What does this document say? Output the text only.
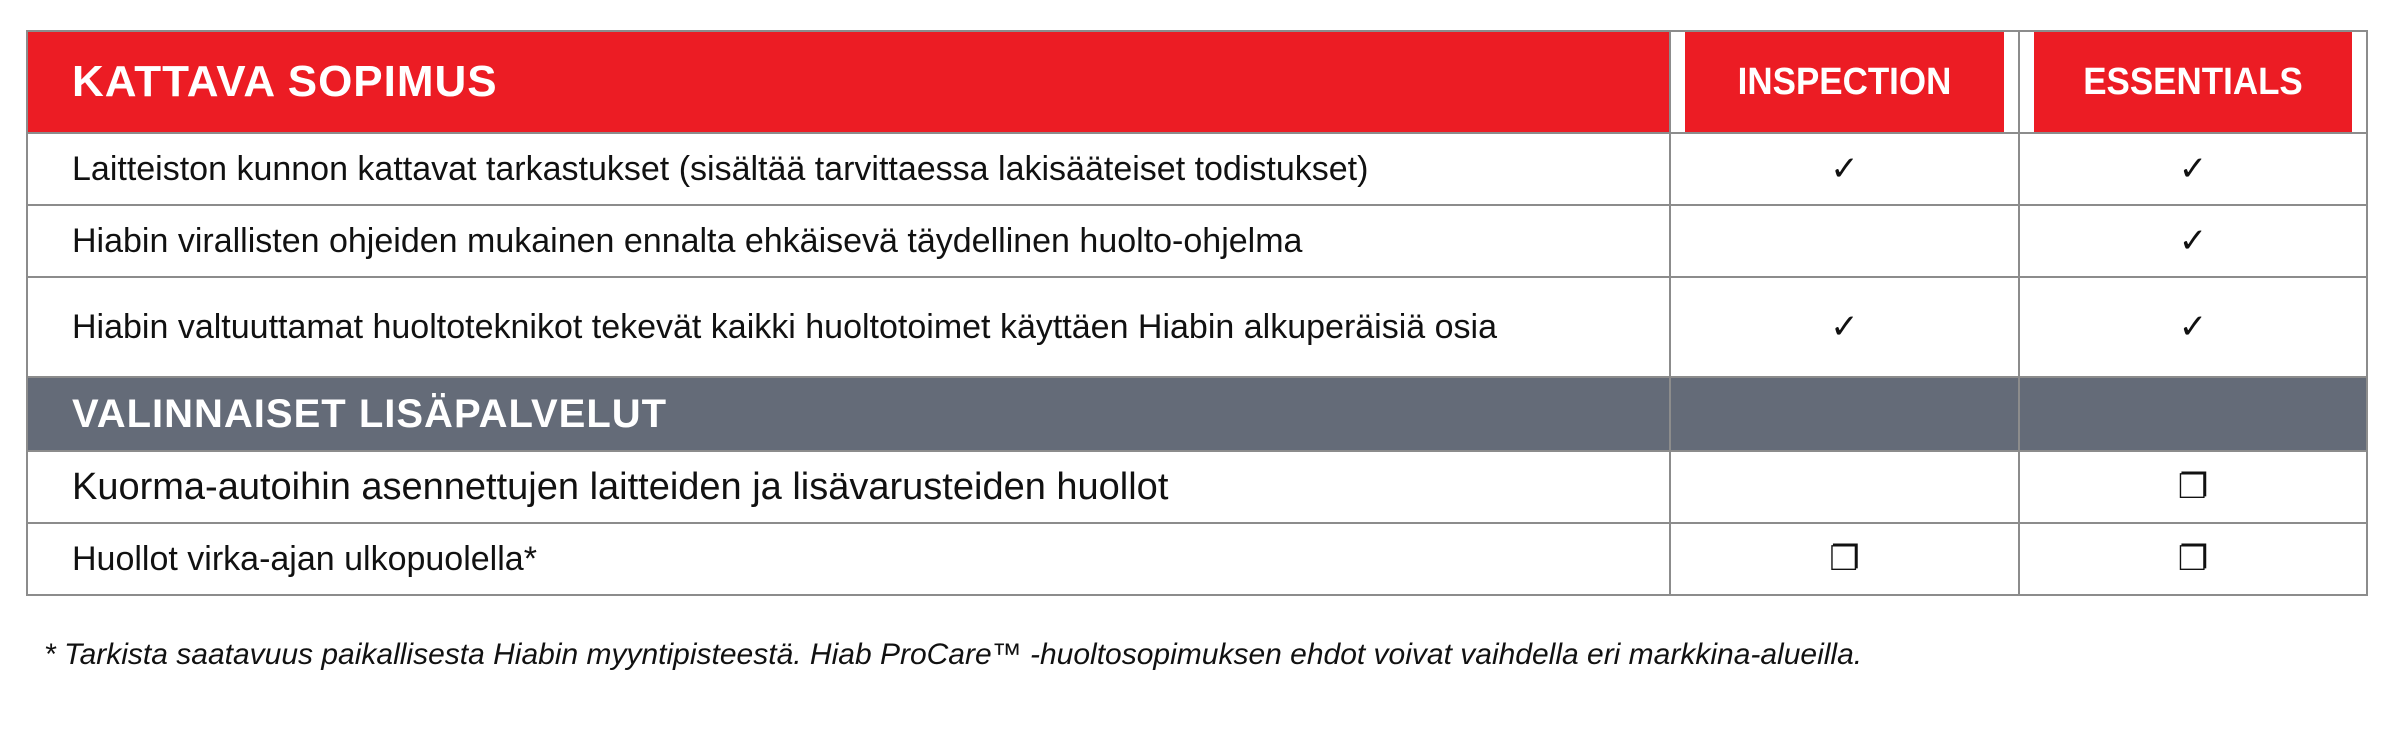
KATTAVA SOPIMUS	INSPECTION	ESSENTIALS
Laitteiston kunnon kattavat tarkastukset (sisältää tarvittaessa lakisääteiset todistukset)	✓	✓
Hiabin virallisten ohjeiden mukainen ennalta ehkäisevä täydellinen huolto-ohjelma		✓
Hiabin valtuuttamat huoltoteknikot tekevät kaikki huoltotoimet käyttäen Hiabin alkuperäisiä osia	✓	✓
VALINNAISET LISÄPALVELUT		
Kuorma-autoihin asennettujen laitteiden ja lisävarusteiden huollot		❐
Huollot virka-ajan ulkopuolella*	❐	❐
* Tarkista saatavuus paikallisesta Hiabin myyntipisteestä. Hiab ProCare™ -huoltosopimuksen ehdot voivat vaihdella eri markkina-alueilla.
